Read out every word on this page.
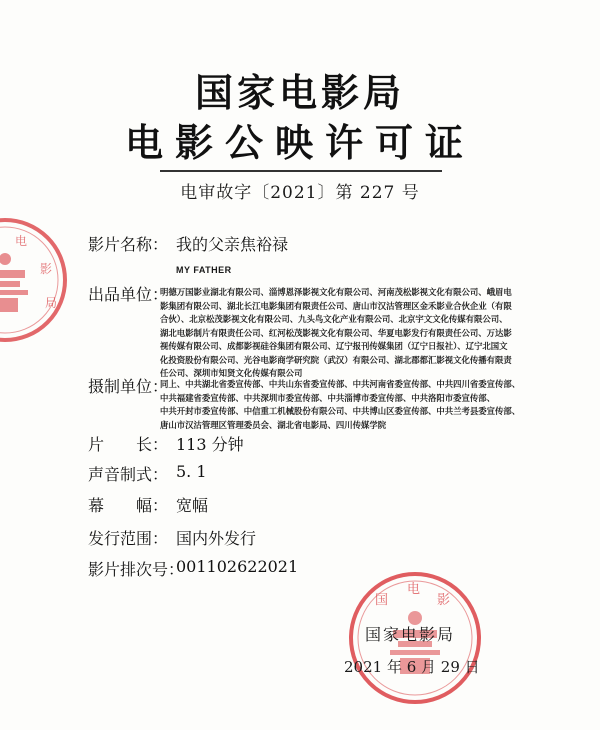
电
影
局
电
影
国
国家电影局
电影公映许可证
电审故字〔2021〕第 227 号
影片名称： 我的父亲焦裕禄
MY FATHER
出品单位：
明德万国影业湖北有限公司、淄博恩泽影视文化有限公司、河南茂松影视文化有限公司、峨眉电
影集团有限公司、湖北长江电影集团有限责任公司、唐山市汉沽管理区金禾影业合伙企业（有限
合伙）、北京松茂影视文化有限公司、九头鸟文化产业有限公司、北京宇文文化传媒有限公司、
湖北电影制片有限责任公司、红河松茂影视文化有限公司、华夏电影发行有限责任公司、万达影
视传媒有限公司、成都影视硅谷集团有限公司、辽宁报刊传媒集团（辽宁日报社）、辽宁北国文
化投资股份有限公司、光谷电影商学研究院（武汉）有限公司、湖北郡都汇影视文化传播有限责
任公司、深圳市知贤文化传媒有限公司
摄制单位：
同上、中共湖北省委宣传部、中共山东省委宣传部、中共河南省委宣传部、中共四川省委宣传部、
中共福建省委宣传部、中共深圳市委宣传部、中共淄博市委宣传部、中共洛阳市委宣传部、
中共开封市委宣传部、中信重工机械股份有限公司、中共博山区委宣传部、中共兰考县委宣传部、
唐山市汉沽管理区管理委员会、湖北省电影局、四川传媒学院
片　　长： 113 分钟
声音制式： 5. 1
幕　　幅： 宽幅
发行范围： 国内外发行
影片排次号：
001102622021
国家电影局
2021 年 6 月 29 日
